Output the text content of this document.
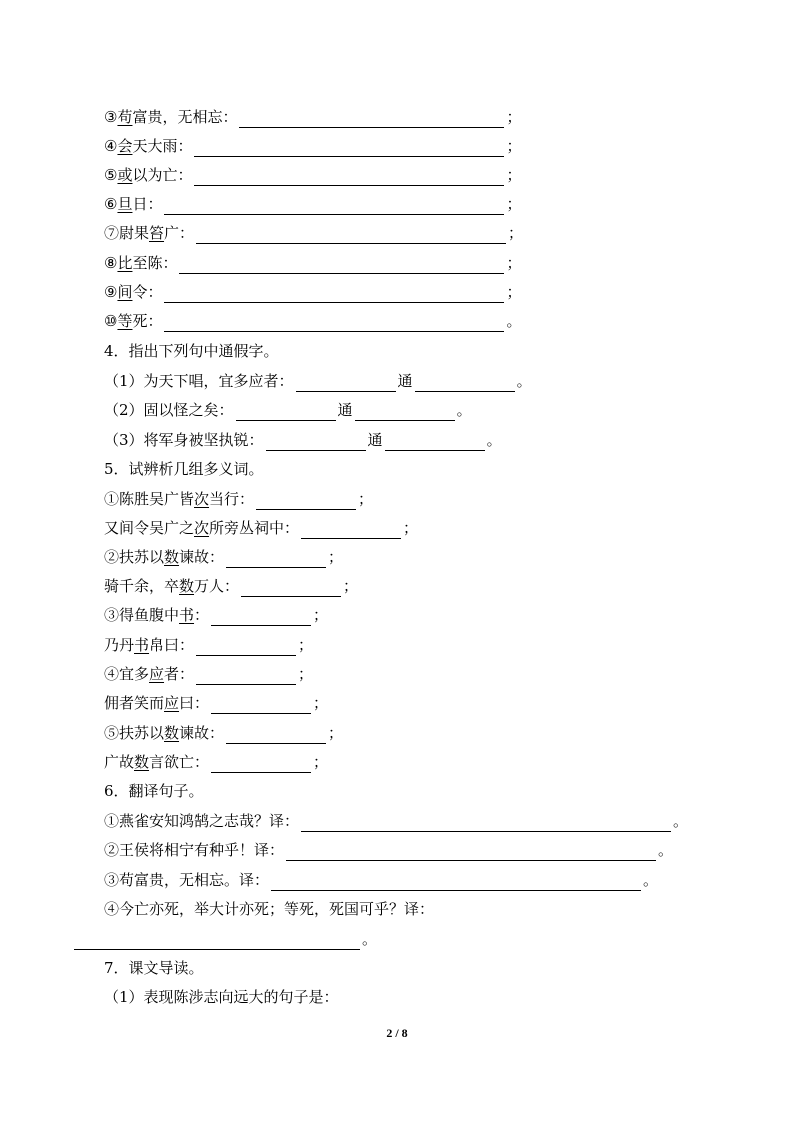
③ 苟 富贵，无相忘：	；
④ 会 天大雨：	；
⑤ 或 以为亡：	；
⑥ 旦 日：	；
⑦尉果 笞 广：	；
⑧ 比 至陈：	；
⑨ 间 令：	；
⑩ 等 死：	。
4．指出下列句中通假字。
（1）为天下唱，宜多应者：	通	。
（2）固以怪之矣：	通	。
（3）将军身被坚执锐：	通	。
5．试辨析几组多义词。
①陈胜吴广皆 次 当行：	；
又间令吴广之 次 所旁丛祠中：	；
②扶苏以 数 谏故：	；
骑千余，卒 数 万人：	；
③得鱼腹中 书 ：	；
乃丹 书 帛曰：	；
④宜多 应 者：	；
佣者笑而 应 曰：	；
⑤扶苏以 数 谏故：	；
广故 数 言欲亡：	；
6．翻译句子。
①燕雀安知鸿鹄之志哉？译：	。
②王侯将相宁有种乎！译：	。
③苟富贵，无相忘。译：	。
④今亡亦死，举大计亦死；等死，死国可乎？译：
。
7．课文导读。
（1）表现陈涉志向远大的句子是：
2 / 8
